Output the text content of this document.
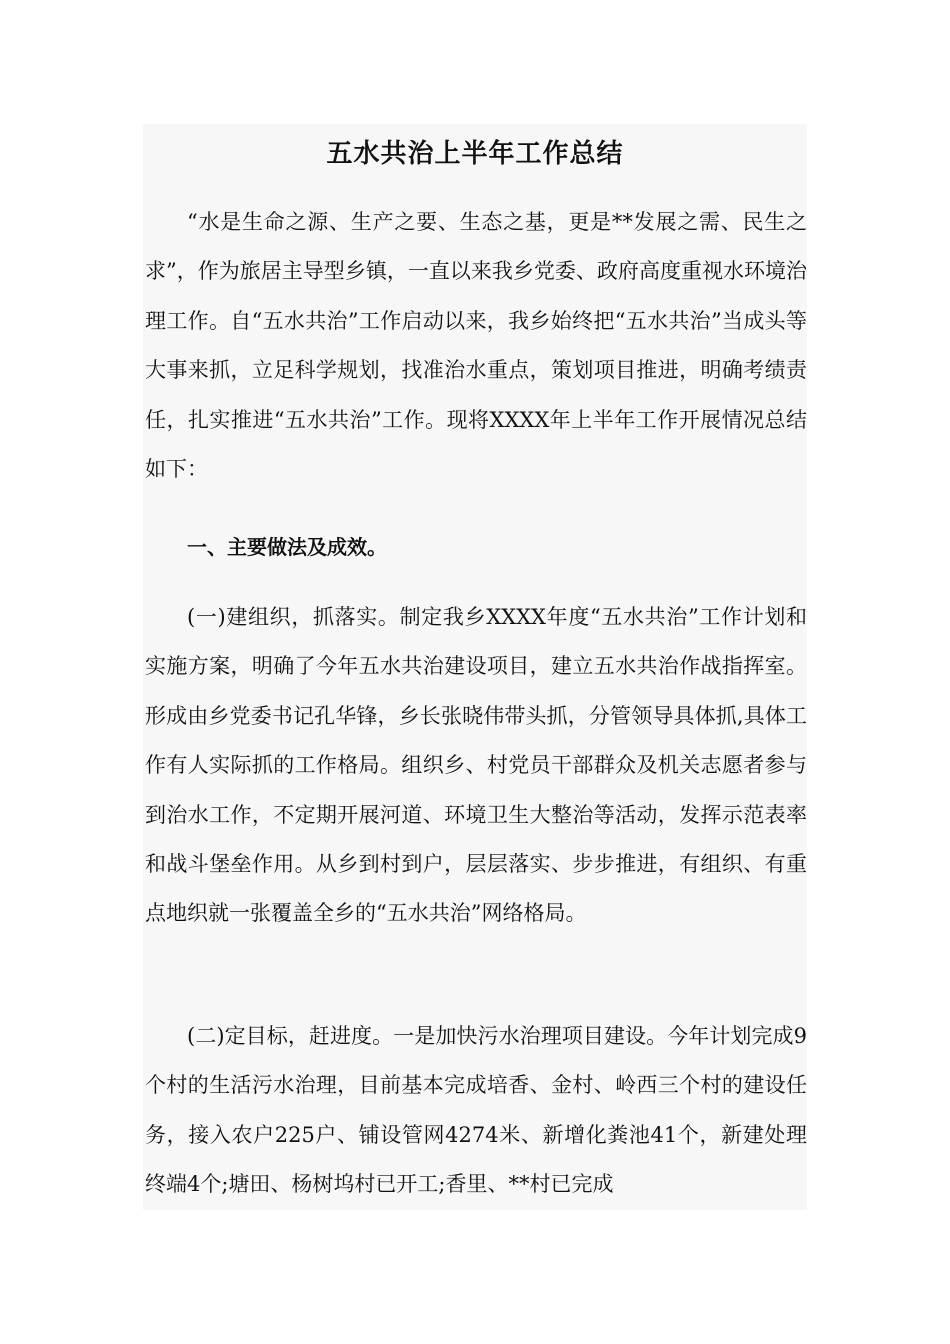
五水共治上半年工作总结

“水是生命之源、生产之要、生态之基，更是**发展之需、民生之求”，作为旅居主导型乡镇，一直以来我乡党委、政府高度重视水环境治理工作。自“五水共治”工作启动以来，我乡始终把“五水共治”当成头等大事来抓，立足科学规划，找准治水重点，策划项目推进，明确考绩责任，扎实推进“五水共治”工作。现将XXXX年上半年工作开展情况总结如下：

一、主要做法及成效。

(一)建组织，抓落实。制定我乡XXXX年度“五水共治”工作计划和实施方案，明确了今年五水共治建设项目，建立五水共治作战指挥室。形成由乡党委书记孔华锋，乡长张晓伟带头抓，分管领导具体抓,具体工作有人实际抓的工作格局。组织乡、村党员干部群众及机关志愿者参与到治水工作，不定期开展河道、环境卫生大整治等活动，发挥示范表率和战斗堡垒作用。从乡到村到户，层层落实、步步推进，有组织、有重点地织就一张覆盖全乡的“五水共治”网络格局。

(二)定目标，赶进度。一是加快污水治理项目建设。今年计划完成9个村的生活污水治理，目前基本完成培香、金村、岭西三个村的建设任务，接入农户225户、铺设管网4274米、新增化粪池41个，新建处理终端4个;塘田、杨树坞村已开工;香里、**村已完成
